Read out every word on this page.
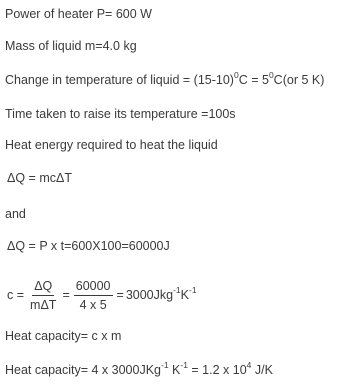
Power of heater P= 600 W
Mass of liquid m=4.0 kg
Change in temperature of liquid = $(15-10)^0C = 5^0C(or$ 5 K)
Time taken to raise its temperature =100s
Heat energy required to heat the liquid
ΔQ = mcΔT
and
ΔQ = P x t=600X100=60000J
$c = \frac{\Delta Q}{\text{mΔT}} = \frac{60000}{4 x 5} = 3000Jkg^{-1}K^{-1}$
Heat capacity= c x m
Heat capacity= 4 x 3000JKg$^{-1}$ $K^{-1} = 1.2$ x $10^4$ J/K
